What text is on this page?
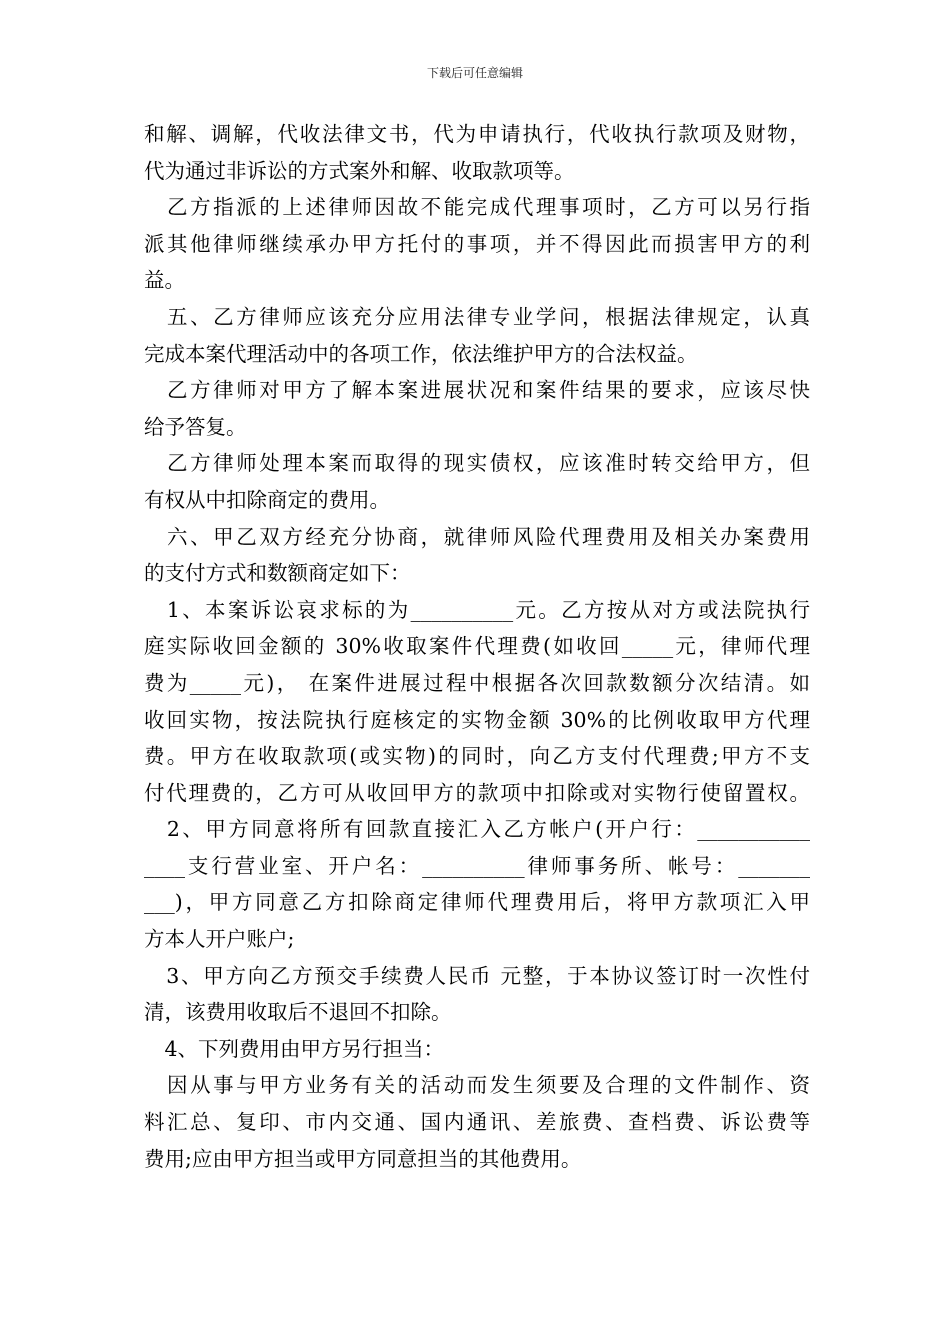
下载后可任意编辑
和解、调解，代收法律文书，代为申请执行，代收执行款项及财物，
代为通过非诉讼的方式案外和解、收取款项等。
　乙方指派的上述律师因故不能完成代理事项时，乙方可以另行指
派其他律师继续承办甲方托付的事项，并不得因此而损害甲方的利
益。
　五、乙方律师应该充分应用法律专业学问，根据法律规定，认真
完成本案代理活动中的各项工作，依法维护甲方的合法权益。
　乙方律师对甲方了解本案进展状况和案件结果的要求，应该尽快
给予答复。
　乙方律师处理本案而取得的现实债权，应该准时转交给甲方，但
有权从中扣除商定的费用。
　六、甲乙双方经充分协商，就律师风险代理费用及相关办案费用
的支付方式和数额商定如下：
　1、本案诉讼哀求标的为__________元。乙方按从对方或法院执行
庭实际收回金额的 30%收取案件代理费(如收回_____元，律师代理
费为_____元)， 在案件进展过程中根据各次回款数额分次结清。如
收回实物，按法院执行庭核定的实物金额 30%的比例收取甲方代理
费。甲方在收取款项(或实物)的同时，向乙方支付代理费;甲方不支
付代理费的，乙方可从收回甲方的款项中扣除或对实物行使留置权。
　2、甲方同意将所有回款直接汇入乙方帐户(开户行：___________
____支行营业室、开户名：__________律师事务所、帐号：_______
___)，甲方同意乙方扣除商定律师代理费用后，将甲方款项汇入甲
方本人开户账户;
　3、甲方向乙方预交手续费人民币 元整，于本协议签订时一次性付
清，该费用收取后不退回不扣除。
　4、下列费用由甲方另行担当：
　因从事与甲方业务有关的活动而发生须要及合理的文件制作、资
料汇总、复印、市内交通、国内通讯、差旅费、查档费、诉讼费等
费用;应由甲方担当或甲方同意担当的其他费用。
